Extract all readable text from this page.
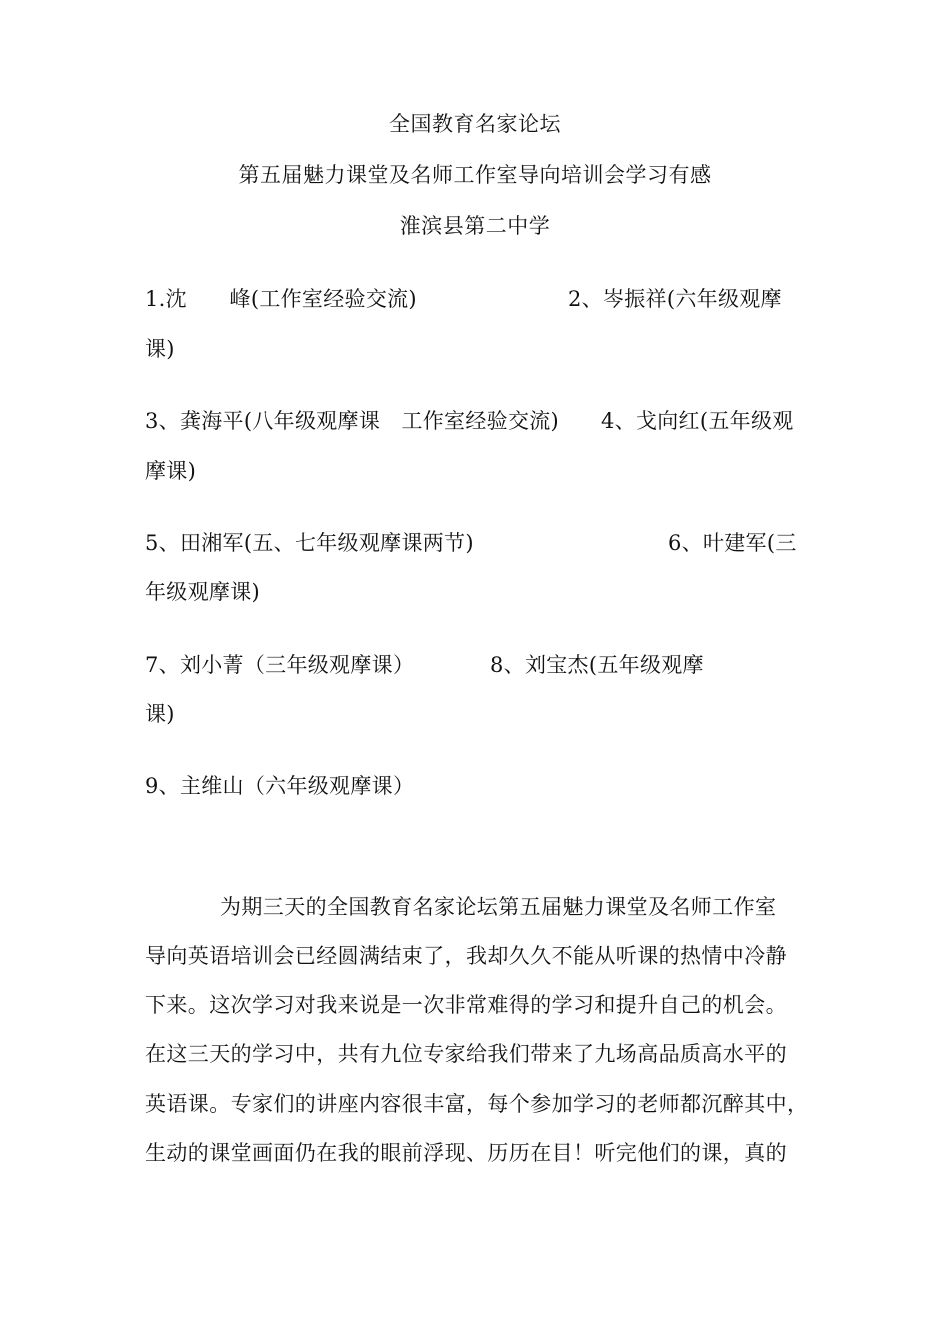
全国教育名家论坛
第五届魅力课堂及名师工作室导向培训会学习有感
淮滨县第二中学
1.沈　　峰(工作室经验交流)	2、岑振祥(六年级观摩
课)
3、龚海平(八年级观摩课　工作室经验交流) 4、戈向红(五年级观
摩课)
5、田湘军(五、七年级观摩课两节)	6、叶建军(三
年级观摩课)
7、刘小菁（三年级观摩课）	8、刘宝杰(五年级观摩
课)
9、主维山（六年级观摩课）
为期三天的全国教育名家论坛第五届魅力课堂及名师工作室
导向英语培训会已经圆满结束了，我却久久不能从听课的热情中冷静
下来。这次学习对我来说是一次非常难得的学习和提升自己的机会。
在这三天的学习中，共有九位专家给我们带来了九场高品质高水平的
英语课。专家们的讲座内容很丰富，每个参加学习的老师都沉醉其中，
生动的课堂画面仍在我的眼前浮现、历历在目！听完他们的课，真的
